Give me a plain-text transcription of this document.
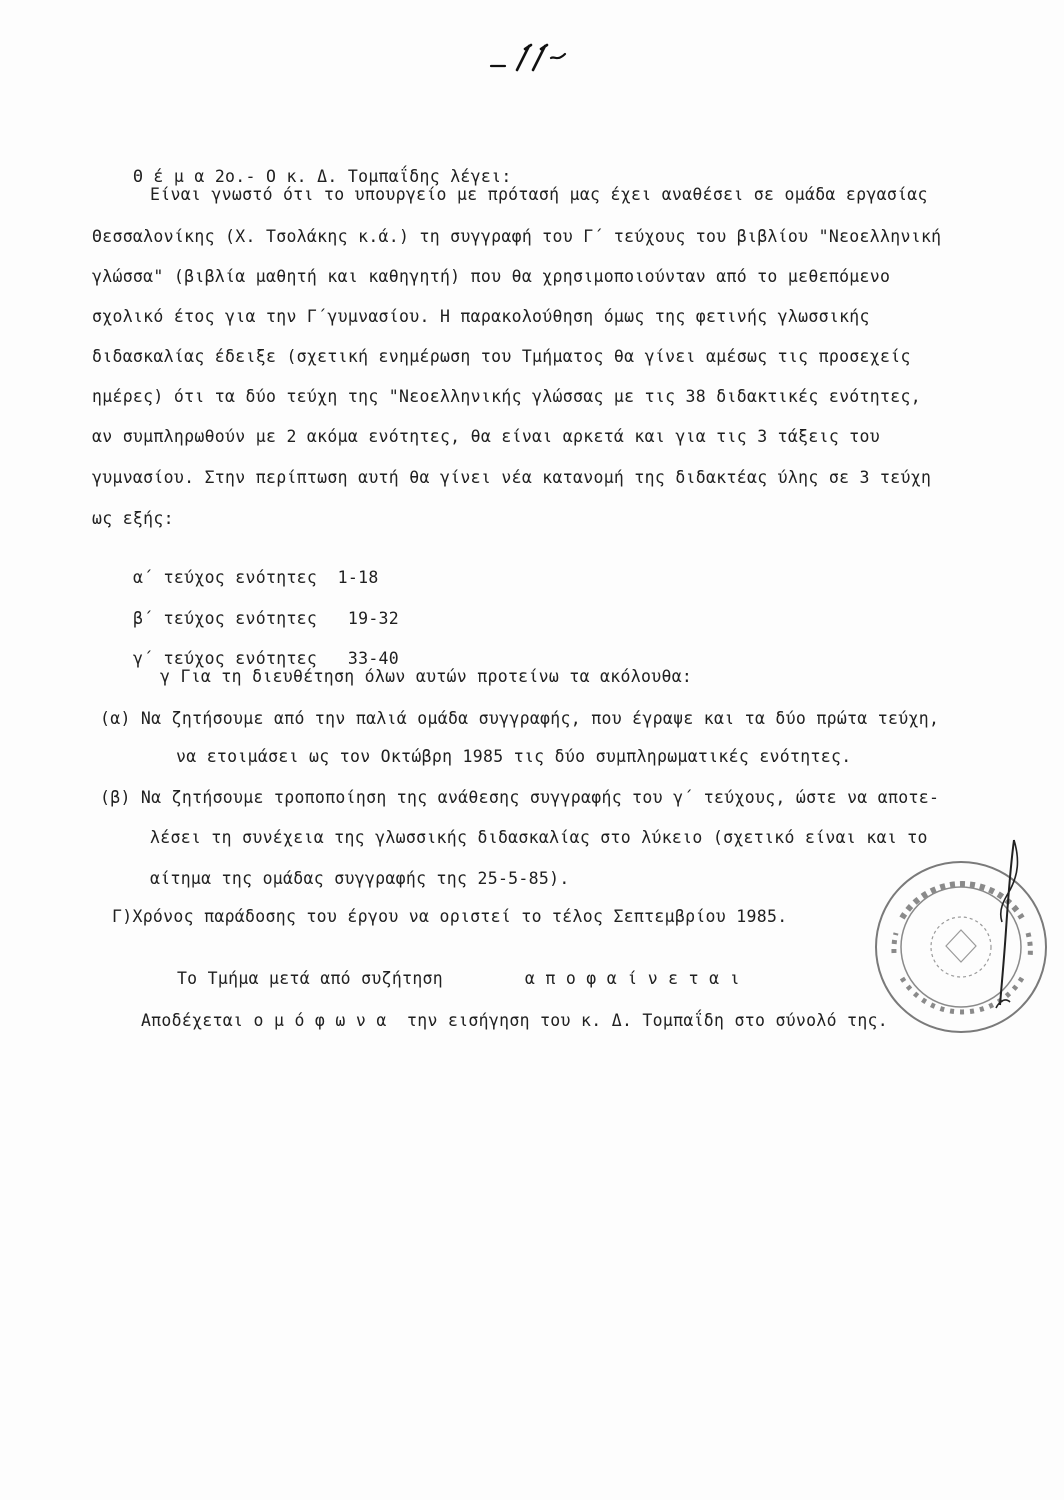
Θ έ μ α 2ο.- Ο κ. Δ. Τομπαΐδης λέγει:

Είναι γνωστό ότι το υπουργείο με πρότασή μας έχει αναθέσει σε ομάδα εργασίας
Θεσσαλονίκης (Χ. Τσολάκης κ.ά.) τη συγγραφή του Γ΄ τεύχους του βιβλίου "Νεοελληνική
γλώσσα" (βιβλία μαθητή και καθηγητή) που θα χρησιμοποιούνταν από το μεθεπόμενο
σχολικό έτος για την Γ΄γυμνασίου. Η παρακολούθηση όμως της φετινής γλωσσικής
διδασκαλίας έδειξε (σχετική ενημέρωση του Τμήματος θα γίνει αμέσως τις προσεχείς
ημέρες) ότι τα δύο τεύχη της "Νεοελληνικής γλώσσας με τις 38 διδακτικές ενότητες,
αν συμπληρωθούν με 2 ακόμα ενότητες, θα είναι αρκετά και για τις 3 τάξεις του
γυμνασίου. Στην περίπτωση αυτή θα γίνει νέα κατανομή της διδακτέας ύλης σε 3 τεύχη
ως εξής:

α΄ τεύχος ενότητες 1-18

β΄ τεύχος ενότητες 19-32

γ΄ τεύχος ενότητες 33-40

γ Για τη διευθέτηση όλων αυτών προτείνω τα ακόλουθα:
(α) Να ζητήσουμε από την παλιά ομάδα συγγραφής, που έγραψε και τα δύο πρώτα τεύχη,
να ετοιμάσει ως τον Οκτώβρη 1985 τις δύο συμπληρωματικές ενότητες.
(β) Να ζητήσουμε τροποποίηση της ανάθεσης συγγραφής του γ΄ τεύχους, ώστε να αποτε-
λέσει τη συνέχεια της γλωσσικής διδασκαλίας στο λύκειο (σχετικό είναι και το
αίτημα της ομάδας συγγραφής της 25-5-85).
Γ)Χρόνος παράδοσης του έργου να οριστεί το τέλος Σεπτεμβρίου 1985.

Το Τμήμα μετά από συζήτηση	α π ο φ α ί ν ε τ α ι

Αποδέχεται ο μ ό φ ω ν α την εισήγηση του κ. Δ. Τομπαΐδη στο σύνολό της.
